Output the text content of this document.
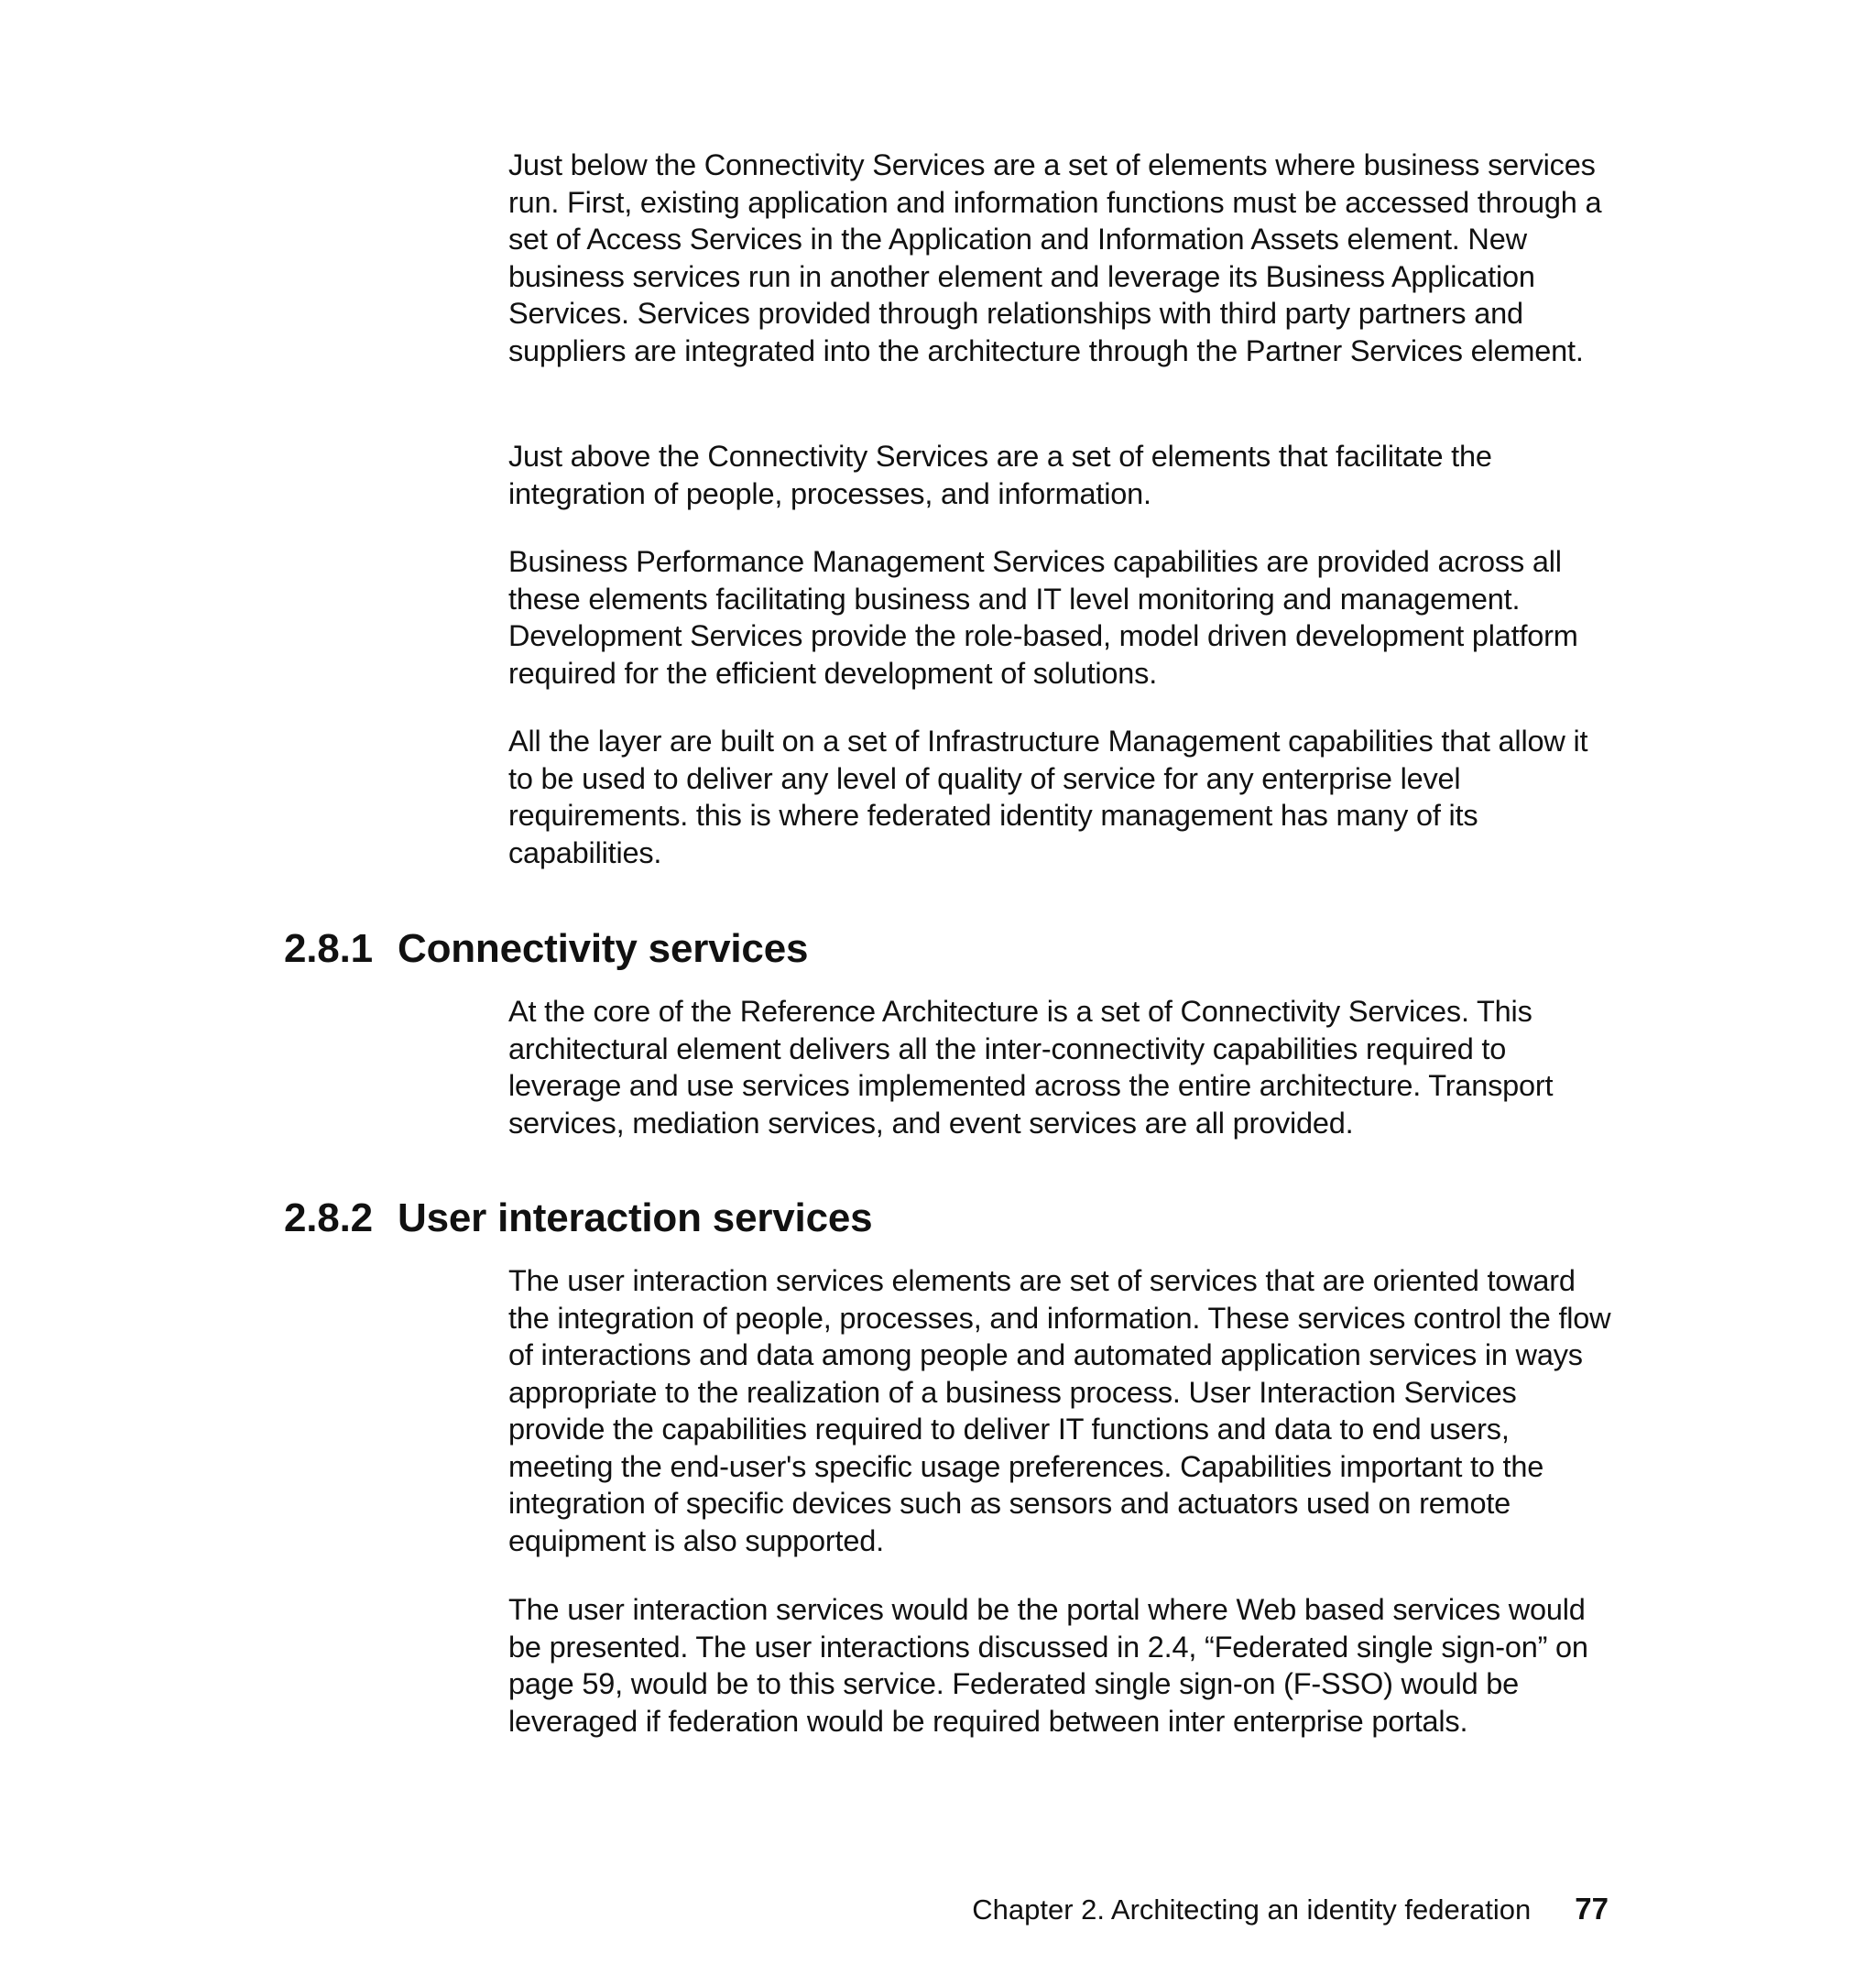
Just below the Connectivity Services are a set of elements where business services run. First, existing application and information functions must be accessed through a set of Access Services in the Application and Information Assets element. New business services run in another element and leverage its Business Application Services. Services provided through relationships with third party partners and suppliers are integrated into the architecture through the Partner Services element.

Just above the Connectivity Services are a set of elements that facilitate the integration of people, processes, and information.

Business Performance Management Services capabilities are provided across all these elements facilitating business and IT level monitoring and management. Development Services provide the role-based, model driven development platform required for the efficient development of solutions.

All the layer are built on a set of Infrastructure Management capabilities that allow it to be used to deliver any level of quality of service for any enterprise level requirements. this is where federated identity management has many of its capabilities.

2.8.1 Connectivity services

At the core of the Reference Architecture is a set of Connectivity Services. This architectural element delivers all the inter-connectivity capabilities required to leverage and use services implemented across the entire architecture. Transport services, mediation services, and event services are all provided.

2.8.2 User interaction services

The user interaction services elements are set of services that are oriented toward the integration of people, processes, and information. These services control the flow of interactions and data among people and automated application services in ways appropriate to the realization of a business process. User Interaction Services provide the capabilities required to deliver IT functions and data to end users, meeting the end-user's specific usage preferences. Capabilities important to the integration of specific devices such as sensors and actuators used on remote equipment is also supported.

The user interaction services would be the portal where Web based services would be presented. The user interactions discussed in 2.4, “Federated single sign-on” on page 59, would be to this service. Federated single sign-on (F-SSO) would be leveraged if federation would be required between inter enterprise portals.

Chapter 2. Architecting an identity federation 77
